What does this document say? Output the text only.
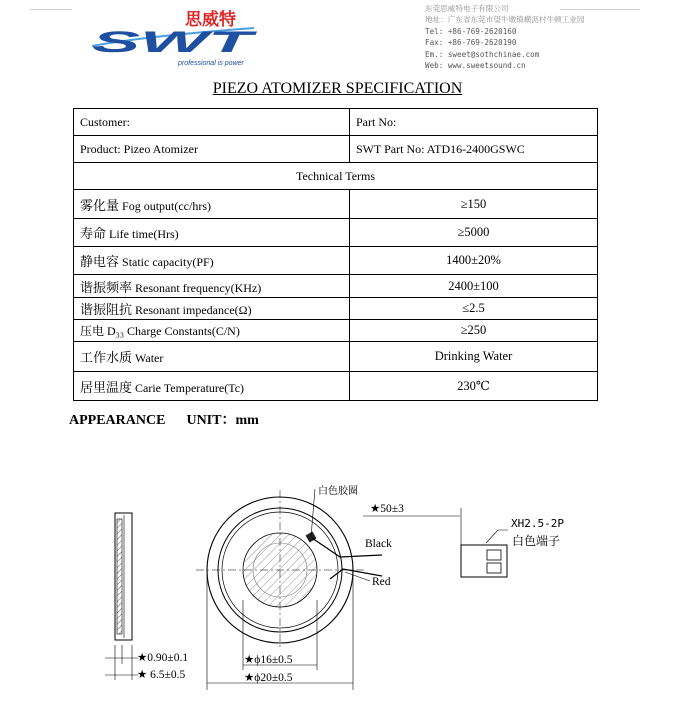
思威特
SWT
professional is power
东莞思威特电子有限公司
地址：广东省东莞市望牛墩镇横沥村牛顿工业园
Tel: +86-769-2620160
Fax: +86-769-2620190
Em.: sweet@sothchinae.com
Web: www.sweetsound.cn
PIEZO ATOMIZER SPECIFICATION
Customer:	Part No:
Product: Pizeo Atomizer	SWT Part No: ATD16-2400GSWC
Technical Terms	
雾化量 Fog output(cc/hrs)	≥150
寿命 Life time(Hrs)	≥5000
静电容 Static capacity(PF)	1400±20%
谐振频率 Resonant frequency(KHz)	2400±100
谐振阻抗 Resonant impedance(Ω)	≤2.5
压电 D₃₃ Charge Constants(C/N)	≥250
工作水质 Water	Drinking Water
居里温度 Carie Temperature(Tc)	230℃
APPEARANCE UNIT：mm
★0.90±0.1
★ 6.5±0.5
白色胶圈
Black
Red
★50±3
XH2.5-2P
白色端子
★ϕ16±0.5
★ϕ20±0.5
